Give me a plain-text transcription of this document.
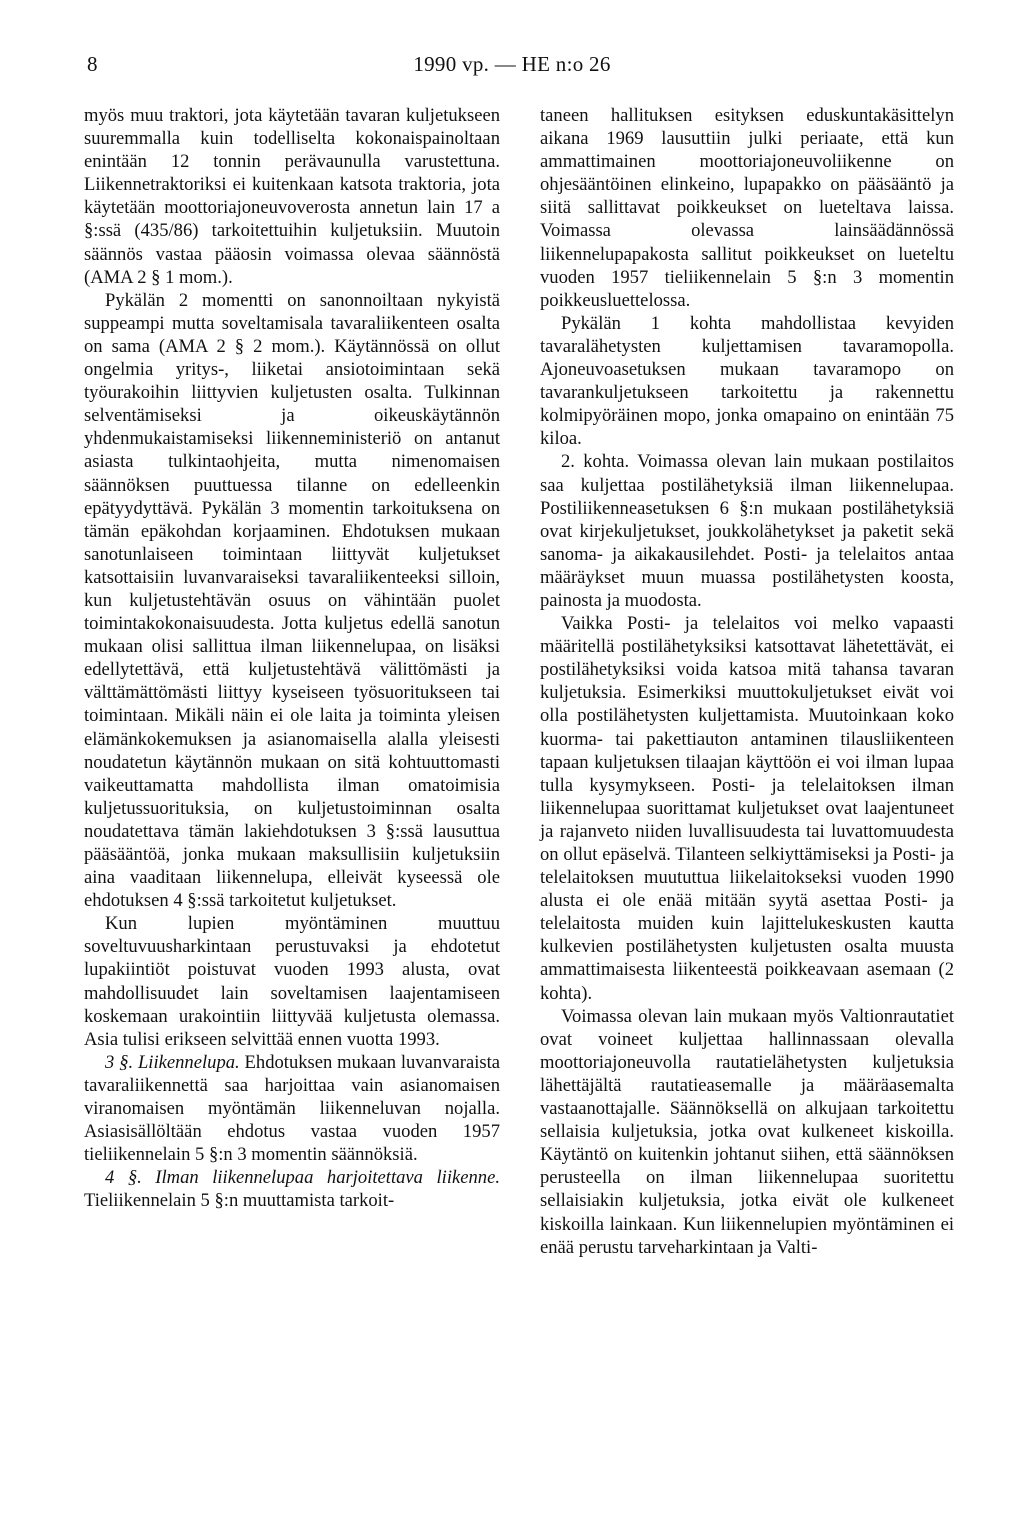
8	1990 vp. — HE n:o 26

myös muu traktori, jota käytetään tavaran kuljetukseen suuremmalla kuin todelliselta kokonaispainoltaan enintään 12 tonnin perävaunulla varustettuna. Liikennetraktoriksi ei kuitenkaan katsota traktoria, jota käytetään moottoriajoneuvoverosta annetun lain 17 a §:ssä (435/86) tarkoitettuihin kuljetuksiin. Muutoin säännös vastaa pääosin voimassa olevaa säännöstä (AMA 2 § 1 mom.).

Pykälän 2 momentti on sanonnoiltaan nykyistä suppeampi mutta soveltamisala tavaraliikenteen osalta on sama (AMA 2 § 2 mom.). Käytännössä on ollut ongelmia yritys-, liiketai ansiotoimintaan sekä työurakoihin liittyvien kuljetusten osalta. Tulkinnan selventämiseksi ja oikeuskäytännön yhdenmukaistamiseksi liikenneministeriö on antanut asiasta tulkintaohjeita, mutta nimenomaisen säännöksen puuttuessa tilanne on edelleenkin epätyydyttävä. Pykälän 3 momentin tarkoituksena on tämän epäkohdan korjaaminen. Ehdotuksen mukaan sanotunlaiseen toimintaan liittyvät kuljetukset katsottaisiin luvanvaraiseksi tavaraliikenteeksi silloin, kun kuljetustehtävän osuus on vähintään puolet toimintakokonaisuudesta. Jotta kuljetus edellä sanotun mukaan olisi sallittua ilman liikennelupaa, on lisäksi edellytettävä, että kuljetustehtävä välittömästi ja välttämättömästi liittyy kyseiseen työsuoritukseen tai toimintaan. Mikäli näin ei ole laita ja toiminta yleisen elämänkokemuksen ja asianomaisella alalla yleisesti noudatetun käytännön mukaan on sitä kohtuuttomasti vaikeuttamatta mahdollista ilman omatoimisia kuljetussuorituksia, on kuljetustoiminnan osalta noudatettava tämän lakiehdotuksen 3 §:ssä lausuttua pääsääntöä, jonka mukaan maksullisiin kuljetuksiin aina vaaditaan liikennelupa, elleivät kyseessä ole ehdotuksen 4 §:ssä tarkoitetut kuljetukset.

Kun lupien myöntäminen muuttuu soveltuvuusharkintaan perustuvaksi ja ehdotetut lupakiintiöt poistuvat vuoden 1993 alusta, ovat mahdollisuudet lain soveltamisen laajentamiseen koskemaan urakointiin liittyvää kuljetusta olemassa. Asia tulisi erikseen selvittää ennen vuotta 1993.

3 §. Liikennelupa. Ehdotuksen mukaan luvanvaraista tavaraliikennettä saa harjoittaa vain asianomaisen viranomaisen myöntämän liikenneluvan nojalla. Asiasisällöltään ehdotus vastaa vuoden 1957 tieliikennelain 5 §:n 3 momentin säännöksiä.

4 §. Ilman liikennelupaa harjoitettava liikenne. Tieliikennelain 5 §:n muuttamista tarkoit-

taneen hallituksen esityksen eduskuntakäsittelyn aikana 1969 lausuttiin julki periaate, että kun ammattimainen moottoriajoneuvoliikenne on ohjesääntöinen elinkeino, lupapakko on pääsääntö ja siitä sallittavat poikkeukset on lueteltava laissa. Voimassa olevassa lainsäädännössä liikennelupapakosta sallitut poikkeukset on lueteltu vuoden 1957 tieliikennelain 5 §:n 3 momentin poikkeusluettelossa.

Pykälän 1 kohta mahdollistaa kevyiden tavaralähetysten kuljettamisen tavaramopolla. Ajoneuvoasetuksen mukaan tavaramopo on tavarankuljetukseen tarkoitettu ja rakennettu kolmipyöräinen mopo, jonka omapaino on enintään 75 kiloa.

2. kohta. Voimassa olevan lain mukaan postilaitos saa kuljettaa postilähetyksiä ilman liikennelupaa. Postiliikenneasetuksen 6 §:n mukaan postilähetyksiä ovat kirjekuljetukset, joukkolähetykset ja paketit sekä sanoma- ja aikakausilehdet. Posti- ja telelaitos antaa määräykset muun muassa postilähetysten koosta, painosta ja muodosta.

Vaikka Posti- ja telelaitos voi melko vapaasti määritellä postilähetyksiksi katsottavat lähetettävät, ei postilähetyksiksi voida katsoa mitä tahansa tavaran kuljetuksia. Esimerkiksi muuttokuljetukset eivät voi olla postilähetysten kuljettamista. Muutoinkaan koko kuorma- tai pakettiauton antaminen tilausliikenteen tapaan kuljetuksen tilaajan käyttöön ei voi ilman lupaa tulla kysymykseen. Posti- ja telelaitoksen ilman liikennelupaa suorittamat kuljetukset ovat laajentuneet ja rajanveto niiden luvallisuudesta tai luvattomuudesta on ollut epäselvä. Tilanteen selkiyttämiseksi ja Posti- ja telelaitoksen muututtua liikelaitokseksi vuoden 1990 alusta ei ole enää mitään syytä asettaa Posti- ja telelaitosta muiden kuin lajittelukeskusten kautta kulkevien postilähetysten kuljetusten osalta muusta ammattimaisesta liikenteestä poikkeavaan asemaan (2 kohta).

Voimassa olevan lain mukaan myös Valtionrautatiet ovat voineet kuljettaa hallinnassaan olevalla moottoriajoneuvolla rautatielähetysten kuljetuksia lähettäjältä rautatieasemalle ja määräasemalta vastaanottajalle. Säännöksellä on alkujaan tarkoitettu sellaisia kuljetuksia, jotka ovat kulkeneet kiskoilla. Käytäntö on kuitenkin johtanut siihen, että säännöksen perusteella on ilman liikennelupaa suoritettu sellaisiakin kuljetuksia, jotka eivät ole kulkeneet kiskoilla lainkaan. Kun liikennelupien myöntäminen ei enää perustu tarveharkintaan ja Valti-
